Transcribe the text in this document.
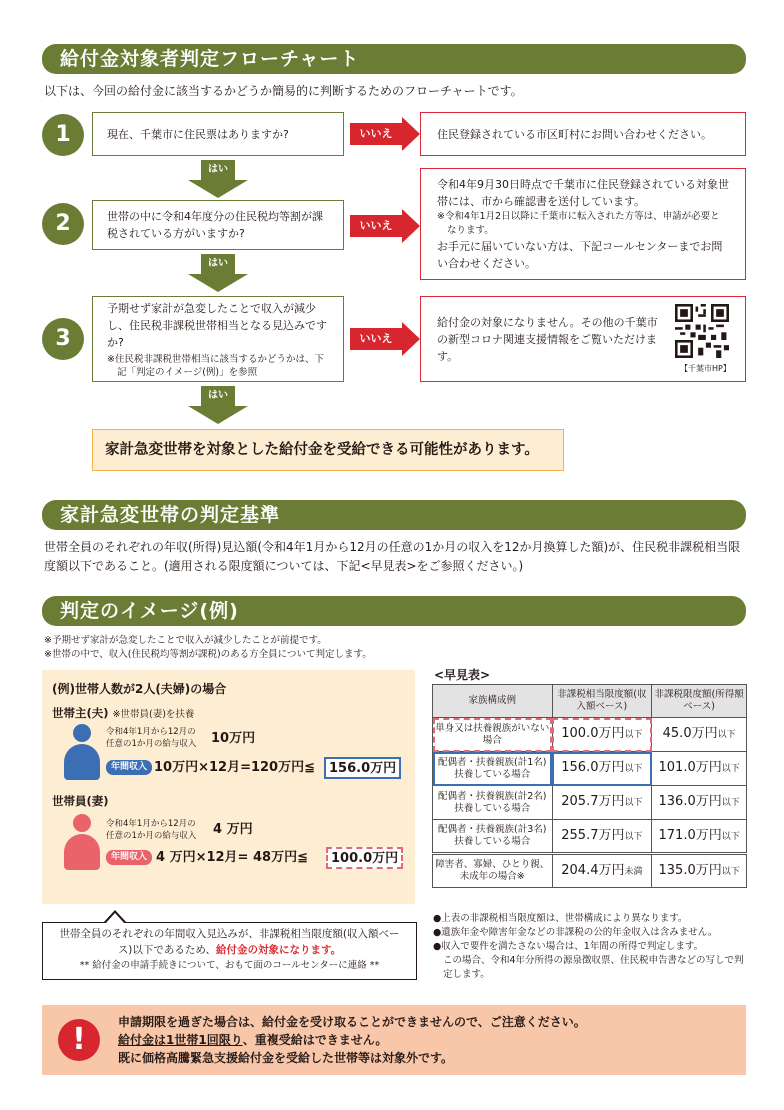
給付金対象者判定フローチャート
以下は、今回の給付金に該当するかどうか簡易的に判断するためのフローチャートです。
1	現在、千葉市に住民票はありますか?	いいえ	住民登録されている市区町村にお問い合わせください。
はい
2	世帯の中に令和4年度分の住民税均等割が課税されている方がいますか?
いいえ
令和4年9月30日時点で千葉市に住民登録されている対象世帯には、市から確認書を送付しています。
※令和4年1月2日以降に千葉市に転入された方等は、申請が必要となります。
お手元に届いていない方は、下記コールセンターまでお問い合わせください。
はい
3
予期せず家計が急変したことで収入が減少し、住民税非課税世帯相当となる見込みですか?
※住民税非課税世帯相当に該当するかどうかは、下記「判定のイメージ(例)」を参照
いいえ
給付金の対象になりません。その他の千葉市の新型コロナ関連支援情報をご覧いただけます。
【千葉市HP】
はい
家計急変世帯を対象とした給付金を受給できる可能性があります。
家計急変世帯の判定基準
世帯全員のそれぞれの年収(所得)見込額(令和4年1月から12月の任意の1か月の収入を12か月換算した額)が、住民税非課税相当限度額以下であること。(適用される限度額については、下記<早見表>をご参照ください。)
判定のイメージ(例)
※予期せず家計が急変したことで収入が減少したことが前提です。
※世帯の中で、収入(住民税均等割が課税)のある方全員について判定します。
(例)世帯人数が2人(夫婦)の場合
世帯主(夫) ※世帯員(妻)を扶養
令和4年1月から12月の任意の1か月の給与収入	10万円
年間収入 10万円×12月=120万円≦	156.0万円
世帯員(妻)
令和4年1月から12月の任意の1か月の給与収入	4 万円
年間収入 4 万円×12月= 48万円≦	100.0万円
世帯全員のそれぞれの年間収入見込みが、非課税相当限度額(収入額ベース)以下であるため、給付金の対象になります。
** 給付金の申請手続きについて、おもて面のコールセンターに連絡 **
<早見表>
家族構成例	非課税相当限度額(収入額ベース)	非課税限度額(所得額ベース)
単身又は扶養親族がいない場合	100.0万円以下	45.0万円以下
配偶者・扶養親族(計1名)扶養している場合	156.0万円以下	101.0万円以下
配偶者・扶養親族(計2名)扶養している場合	205.7万円以下	136.0万円以下
配偶者・扶養親族(計3名)扶養している場合	255.7万円以下	171.0万円以下
障害者、寡婦、ひとり親、未成年の場合※	204.4万円未満	135.0万円以下
●上表の非課税相当限度額は、世帯構成により異なります。
●遺族年金や障害年金などの非課税の公的年金収入は含みません。
●収入で要件を満たさない場合は、1年間の所得で判定します。
この場合、令和4年分所得の源泉徴収票、住民税申告書などの写しで判定します。
!	申請期限を過ぎた場合は、給付金を受け取ることができませんので、ご注意ください。
給付金は1世帯1回限り、重複受給はできません。
既に価格高騰緊急支援給付金を受給した世帯等は対象外です。
